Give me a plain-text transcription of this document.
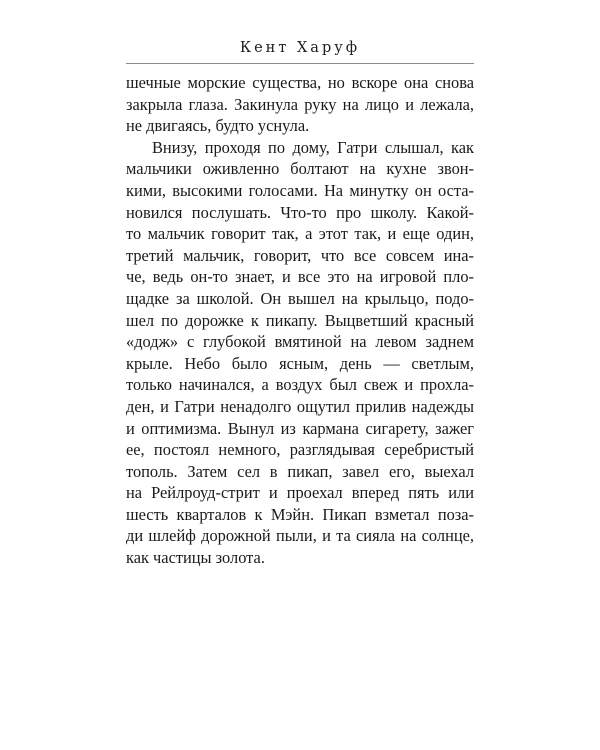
Кент Харуф

шечные морские существа, но вскоре она снова
закрыла глаза. Закинула руку на лицо и лежала,
не двигаясь, будто уснула.

Внизу, проходя по дому, Гатри слышал, как
мальчики оживленно болтают на кухне звон-
кими, высокими голосами. На минутку он оста-
новился послушать. Что-то про школу. Какой-
то мальчик говорит так, а этот так, и еще один,
третий мальчик, говорит, что все совсем ина-
че, ведь он-то знает, и все это на игровой пло-
щадке за школой. Он вышел на крыльцо, подо-
шел по дорожке к пикапу. Выцветший красный
«додж» с глубокой вмятиной на левом заднем
крыле. Небо было ясным, день — светлым,
только начинался, а воздух был свеж и прохла-
ден, и Гатри ненадолго ощутил прилив надежды
и оптимизма. Вынул из кармана сигарету, зажег
ее, постоял немного, разглядывая серебристый
тополь. Затем сел в пикап, завел его, выехал
на Рейлроуд-стрит и проехал вперед пять или
шесть кварталов к Мэйн. Пикап взметал поза-
ди шлейф дорожной пыли, и та сияла на солнце,
как частицы золота.
